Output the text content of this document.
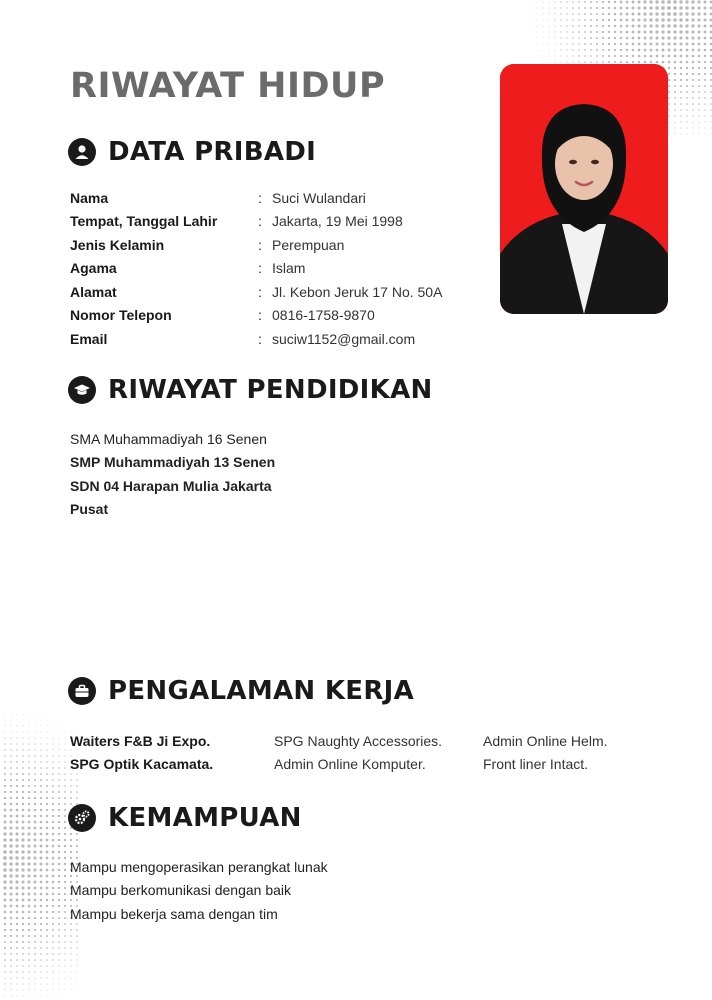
RIWAYAT HIDUP
DATA PRIBADI
Nama	: Suci Wulandari
Tempat, Tanggal Lahir	: Jakarta, 19 Mei 1998
Jenis Kelamin	: Perempuan
Agama	: Islam
Alamat	: Jl. Kebon Jeruk 17 No. 50A
Nomor Telepon	: 0816-1758-9870
Email	: suciw1152@gmail.com
RIWAYAT PENDIDIKAN
SMA Muhammadiyah 16 Senen
SMP Muhammadiyah 13 Senen
SDN 04 Harapan Mulia Jakarta
Pusat
PENGALAMAN KERJA
Waiters F&B Ji Expo.	SPG Naughty Accessories.	Admin Online Helm.
SPG Optik Kacamata.	Admin Online Komputer.	Front liner Intact.
KEMAMPUAN
Mampu mengoperasikan perangkat lunak
Mampu berkomunikasi dengan baik
Mampu bekerja sama dengan tim
